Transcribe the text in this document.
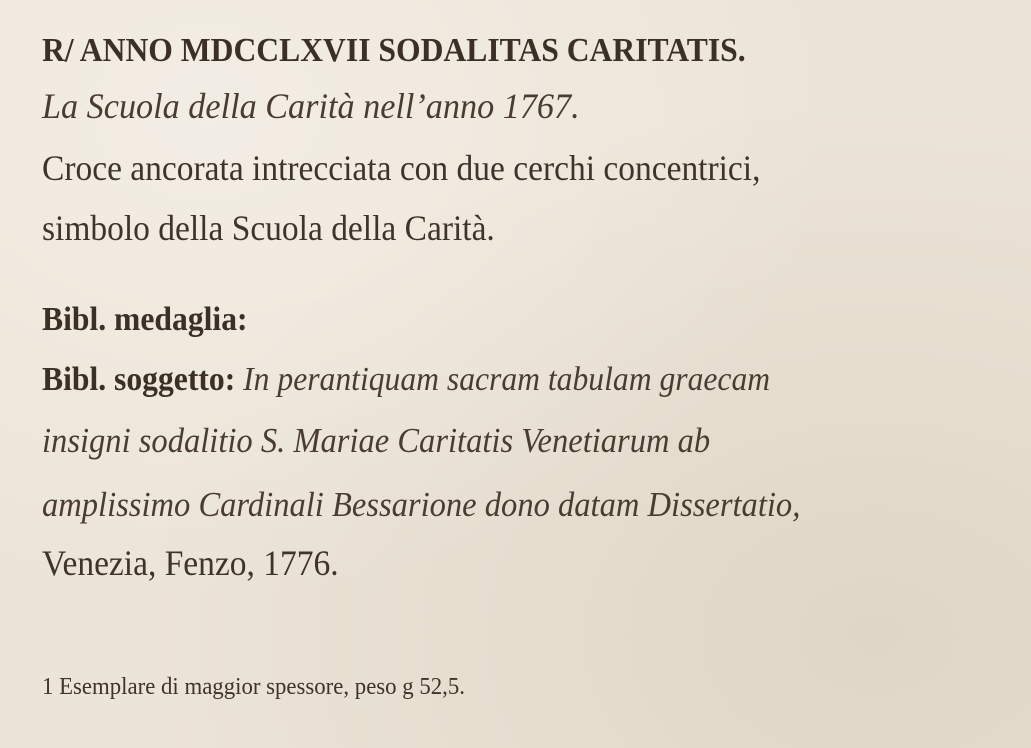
R/ ANNO MDCCLXVII SODALITAS CARITATIS.
La Scuola della Carità nell’anno 1767.
Croce ancorata intrecciata con due cerchi concentrici,
simbolo della Scuola della Carità.
Bibl. medaglia:
Bibl. soggetto: In perantiquam sacram tabulam graecam
insigni sodalitio S. Mariae Caritatis Venetiarum ab
amplissimo Cardinali Bessarione dono datam Dissertatio,
Venezia, Fenzo, 1776.
1 Esemplare di maggior spessore, peso g 52,5.
